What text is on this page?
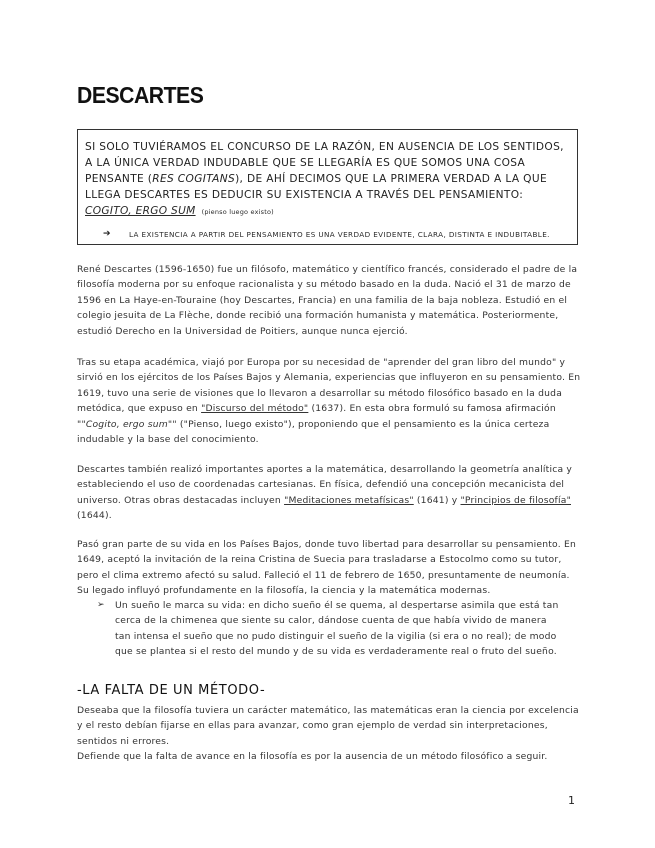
DESCARTES

SI SOLO TUVIÉRAMOS EL CONCURSO DE LA RAZÓN, EN AUSENCIA DE LOS SENTIDOS, A LA ÚNICA VERDAD INDUDABLE QUE SE LLEGARÍA ES QUE SOMOS UNA COSA PENSANTE (RES COGITANS), DE AHÍ DECIMOS QUE LA PRIMERA VERDAD A LA QUE LLEGA DESCARTES ES DEDUCIR SU EXISTENCIA A TRAVÉS DEL PENSAMIENTO:

COGITO, ERGO SUM (pienso luego existo)

➔	LA EXISTENCIA A PARTIR DEL PENSAMIENTO ES UNA VERDAD EVIDENTE, CLARA, DISTINTA E INDUBITABLE.

René Descartes (1596-1650) fue un filósofo, matemático y científico francés, considerado el padre de la filosofía moderna por su enfoque racionalista y su método basado en la duda. Nació el 31 de marzo de 1596 en La Haye-en-Touraine (hoy Descartes, Francia) en una familia de la baja nobleza. Estudió en el colegio jesuita de La Flèche, donde recibió una formación humanista y matemática. Posteriormente, estudió Derecho en la Universidad de Poitiers, aunque nunca ejerció.

Tras su etapa académica, viajó por Europa por su necesidad de "aprender del gran libro del mundo" y sirvió en los ejércitos de los Países Bajos y Alemania, experiencias que influyeron en su pensamiento. En 1619, tuvo una serie de visiones que lo llevaron a desarrollar su método filosófico basado en la duda metódica, que expuso en "Discurso del método" (1637). En esta obra formuló su famosa afirmación ""Cogito, ergo sum"" ("Pienso, luego existo"), proponiendo que el pensamiento es la única certeza indudable y la base del conocimiento.

Descartes también realizó importantes aportes a la matemática, desarrollando la geometría analítica y estableciendo el uso de coordenadas cartesianas. En física, defendió una concepción mecanicista del universo. Otras obras destacadas incluyen "Meditaciones metafísicas" (1641) y "Principios de filosofía" (1644).

Pasó gran parte de su vida en los Países Bajos, donde tuvo libertad para desarrollar su pensamiento. En 1649, aceptó la invitación de la reina Cristina de Suecia para trasladarse a Estocolmo como su tutor, pero el clima extremo afectó su salud. Falleció el 11 de febrero de 1650, presuntamente de neumonía. Su legado influyó profundamente en la filosofía, la ciencia y la matemática modernas.

➢	Un sueño le marca su vida: en dicho sueño él se quema, al despertarse asimila que está tan cerca de la chimenea que siente su calor, dándose cuenta de que había vivido de manera tan intensa el sueño que no pudo distinguir el sueño de la vigilia (si era o no real); de modo que se plantea si el resto del mundo y de su vida es verdaderamente real o fruto del sueño.

-LA FALTA DE UN MÉTODO-

Deseaba que la filosofía tuviera un carácter matemático, las matemáticas eran la ciencia por excelencia y el resto debían fijarse en ellas para avanzar, como gran ejemplo de verdad sin interpretaciones, sentidos ni errores.

Defiende que la falta de avance en la filosofía es por la ausencia de un método filosófico a seguir.

1
